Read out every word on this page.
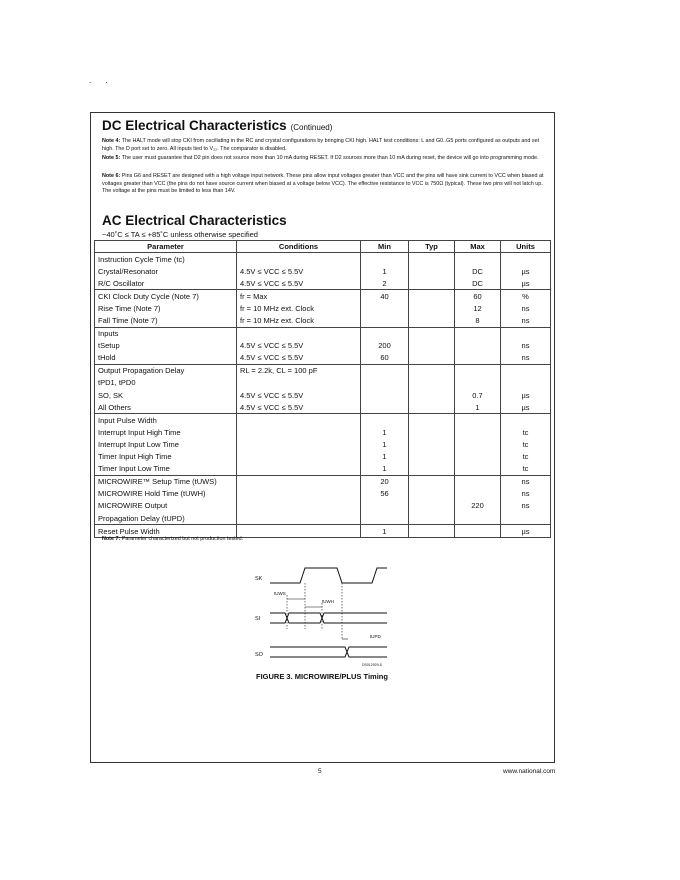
. .
DC Electrical Characteristics (Continued)
Note 4: The HALT mode will stop CKI from oscillating in the RC and crystal configurations by bringing CKI high. HALT test conditions: L and G0..G5 ports configured as outputs and set high. The D port set to zero. All inputs tied to V₂₂. The comparator is disabled.
Note 5: The user must guarantee that D2 pin does not source more than 10 mA during RESET. If D2 sources more than 10 mA during reset, the device will go into programming mode.
Note 6: Pins G6 and RESET are designed with a high voltage input network. These pins allow input voltages greater than VCC and the pins will have sink current to VCC when biased at voltages greater than VCC (the pins do not have source current when biased at a voltage below VCC). The effective resistance to VCC is 750Ω (typical). These two pins will not latch up. The voltage at the pins must be limited to less than 14V.
AC Electrical Characteristics
−40˚C ≤ TA ≤ +85˚C unless otherwise specified
Parameter	Conditions	Min	Typ	Max	Units
Instruction Cycle Time (tc)					
Crystal/Resonator	4.5V ≤ VCC ≤ 5.5V	1		DC	µs
R/C Oscillator	4.5V ≤ VCC ≤ 5.5V	2		DC	µs
CKI Clock Duty Cycle (Note 7)	fr = Max	40		60	%
Rise Time (Note 7)	fr = 10 MHz ext. Clock			12	ns
Fall Time (Note 7)	fr = 10 MHz ext. Clock			8	ns
Inputs					
tSetup	4.5V ≤ VCC ≤ 5.5V	200			ns
tHold	4.5V ≤ VCC ≤ 5.5V	60			ns
Output Propagation Delay	RL = 2.2k, CL = 100 pF				
tPD1, tPD0					
SO, SK	4.5V ≤ VCC ≤ 5.5V			0.7	µs
All Others	4.5V ≤ VCC ≤ 5.5V			1	µs
Input Pulse Width					
Interrupt Input High Time		1			tc
Interrupt Input Low Time		1			tc
Timer Input High Time		1			tc
Timer Input Low Time		1			tc
MICROWIRE™ Setup Time (tUWS)		20			ns
MICROWIRE Hold Time (tUWH)		56			ns
MICROWIRE Output				220	ns
Propagation Delay (tUPD)					
Reset Pulse Width		1			µs
Note 7: Parameter characterized but not production tested.
SK
SI
SO
tUWS
tUWH
tUPD
DS012929-5
FIGURE 3. MICROWIRE/PLUS Timing
5	www.national.com
